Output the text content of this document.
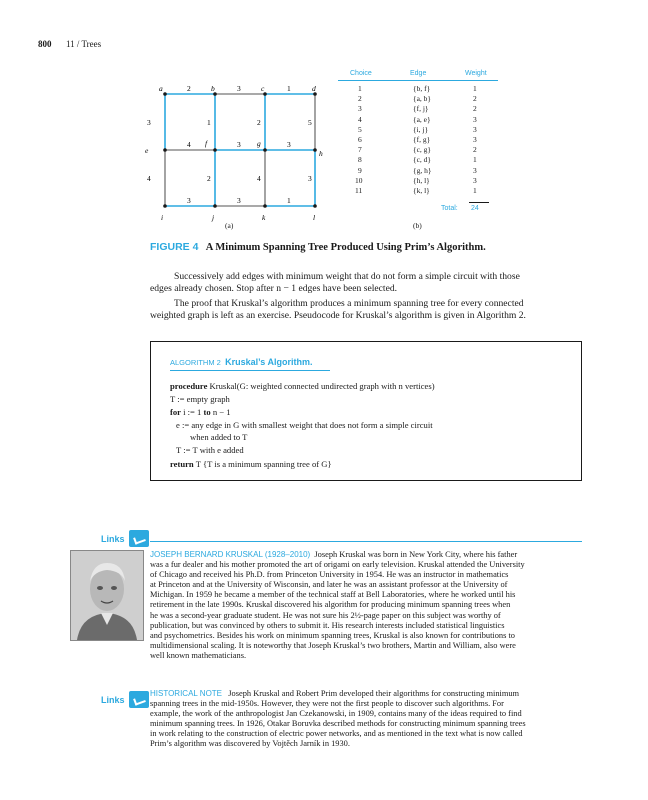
800 11 / Trees
a	b	c	d
e
f	g
h
i	j	k	l
2	3	1
3	1	2	5
4	3	3
4	2	4	3
3	3	1
(a)
Choice	Edge	Weight
1	{b, f}	1
2	{a, b}	2
3	{f, j}	2
4	{a, e}	3
5	{i, j}	3
6	{f, g}	3
7	{c, g}	2
8	{c, d}	1
9	{g, h}	3
10	{h, l}	3
11	{k, l}	1
Total: 24
(b)
FIGURE 4 A Minimum Spanning Tree Produced Using Prim’s Algorithm.
Successively add edges with minimum weight that do not form a simple circuit with those
edges already chosen. Stop after n − 1 edges have been selected.
The proof that Kruskal’s algorithm produces a minimum spanning tree for every connected
weighted graph is left as an exercise. Pseudocode for Kruskal’s algorithm is given in Algorithm 2.
ALGORITHM 2 Kruskal’s Algorithm.
procedure Kruskal(G: weighted connected undirected graph with n vertices)
T := empty graph
for i := 1 to n − 1
e := any edge in G with smallest weight that does not form a simple circuit
when added to T
T := T with e added
return T {T is a minimum spanning tree of G}
Links
JOSEPH BERNARD KRUSKAL (1928–2010) Joseph Kruskal was born in New York City, where his father
was a fur dealer and his mother promoted the art of origami on early television. Kruskal attended the University
of Chicago and received his Ph.D. from Princeton University in 1954. He was an instructor in mathematics
at Princeton and at the University of Wisconsin, and later he was an assistant professor at the University of
Michigan. In 1959 he became a member of the technical staff at Bell Laboratories, where he worked until his
retirement in the late 1990s. Kruskal discovered his algorithm for producing minimum spanning trees when
he was a second-year graduate student. He was not sure his 2½-page paper on this subject was worthy of
publication, but was convinced by others to submit it. His research interests included statistical linguistics
and psychometrics. Besides his work on minimum spanning trees, Kruskal is also known for contributions to
multidimensional scaling. It is noteworthy that Joseph Kruskal’s two brothers, Martin and William, also were
well known mathematicians.
Links
HISTORICAL NOTE Joseph Kruskal and Robert Prim developed their algorithms for constructing minimum
spanning trees in the mid-1950s. However, they were not the first people to discover such algorithms. For
example, the work of the anthropologist Jan Czekanowski, in 1909, contains many of the ideas required to find
minimum spanning trees. In 1926, Otakar Boruvka described methods for constructing minimum spanning trees
in work relating to the construction of electric power networks, and as mentioned in the text what is now called
Prim’s algorithm was discovered by Vojtěch Jarník in 1930.
